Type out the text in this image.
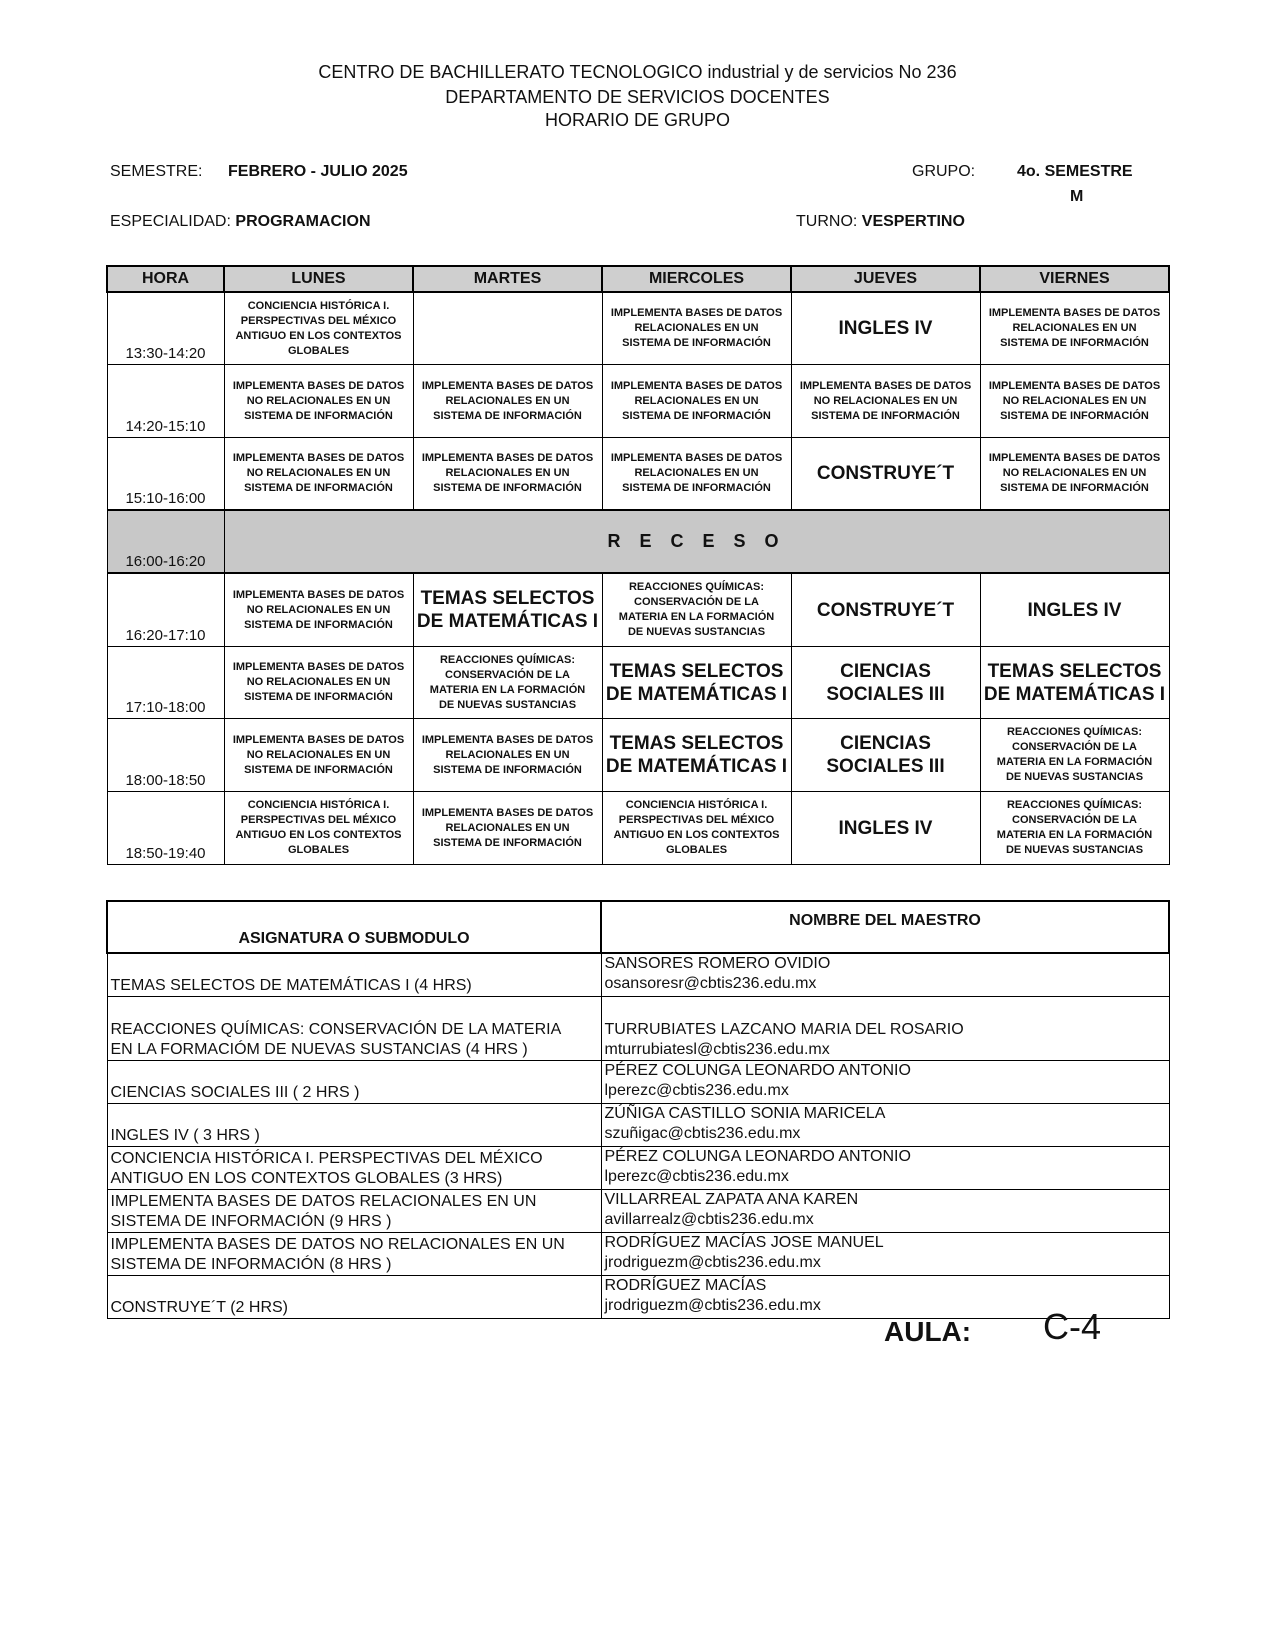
CENTRO DE BACHILLERATO TECNOLOGICO industrial y de servicios No 236
DEPARTAMENTO DE SERVICIOS DOCENTES
HORARIO DE GRUPO
SEMESTRE: FEBRERO - JULIO 2025	GRUPO:	4o. SEMESTRE
M
ESPECIALIDAD: PROGRAMACION	TURNO: VESPERTINO
HORA	LUNES	MARTES	MIERCOLES	JUEVES	VIERNES
13:30-14:20	CONCIENCIA HISTÓRICA I.
PERSPECTIVAS DEL MÉXICO
ANTIGUO EN LOS CONTEXTOS
GLOBALES		IMPLEMENTA BASES DE DATOS
RELACIONALES EN UN
SISTEMA DE INFORMACIÓN	INGLES IV	IMPLEMENTA BASES DE DATOS
RELACIONALES EN UN
SISTEMA DE INFORMACIÓN

14:20-15:10	IMPLEMENTA BASES DE DATOS
NO RELACIONALES EN UN
SISTEMA DE INFORMACIÓN	IMPLEMENTA BASES DE DATOS
RELACIONALES EN UN
SISTEMA DE INFORMACIÓN	IMPLEMENTA BASES DE DATOS
RELACIONALES EN UN
SISTEMA DE INFORMACIÓN	IMPLEMENTA BASES DE DATOS
NO RELACIONALES EN UN
SISTEMA DE INFORMACIÓN	IMPLEMENTA BASES DE DATOS
NO RELACIONALES EN UN
SISTEMA DE INFORMACIÓN

15:10-16:00	IMPLEMENTA BASES DE DATOS
NO RELACIONALES EN UN
SISTEMA DE INFORMACIÓN	IMPLEMENTA BASES DE DATOS
RELACIONALES EN UN
SISTEMA DE INFORMACIÓN	IMPLEMENTA BASES DE DATOS
RELACIONALES EN UN
SISTEMA DE INFORMACIÓN	CONSTRUYE´T	IMPLEMENTA BASES DE DATOS
NO RELACIONALES EN UN
SISTEMA DE INFORMACIÓN

16:00-16:20	R E C E S O				
16:20-17:10	IMPLEMENTA BASES DE DATOS
NO RELACIONALES EN UN
SISTEMA DE INFORMACIÓN	TEMAS SELECTOS
DE MATEMÁTICAS I	REACCIONES QUÍMICAS:
CONSERVACIÓN DE LA
MATERIA EN LA FORMACIÓN
DE NUEVAS SUSTANCIAS	CONSTRUYE´T	INGLES IV

17:10-18:00	IMPLEMENTA BASES DE DATOS
NO RELACIONALES EN UN
SISTEMA DE INFORMACIÓN	REACCIONES QUÍMICAS:
CONSERVACIÓN DE LA
MATERIA EN LA FORMACIÓN
DE NUEVAS SUSTANCIAS	TEMAS SELECTOS
DE MATEMÁTICAS I	CIENCIAS
SOCIALES III	TEMAS SELECTOS
DE MATEMÁTICAS I

18:00-18:50	IMPLEMENTA BASES DE DATOS
NO RELACIONALES EN UN
SISTEMA DE INFORMACIÓN	IMPLEMENTA BASES DE DATOS
RELACIONALES EN UN
SISTEMA DE INFORMACIÓN	TEMAS SELECTOS
DE MATEMÁTICAS I	CIENCIAS
SOCIALES III	REACCIONES QUÍMICAS:
CONSERVACIÓN DE LA
MATERIA EN LA FORMACIÓN
DE NUEVAS SUSTANCIAS

18:50-19:40	CONCIENCIA HISTÓRICA I.
PERSPECTIVAS DEL MÉXICO
ANTIGUO EN LOS CONTEXTOS
GLOBALES	IMPLEMENTA BASES DE DATOS
RELACIONALES EN UN
SISTEMA DE INFORMACIÓN	CONCIENCIA HISTÓRICA I.
PERSPECTIVAS DEL MÉXICO
ANTIGUO EN LOS CONTEXTOS
GLOBALES	INGLES IV	REACCIONES QUÍMICAS:
CONSERVACIÓN DE LA
MATERIA EN LA FORMACIÓN
DE NUEVAS SUSTANCIAS
ASIGNATURA O SUBMODULO	NOMBRE DEL MAESTRO

TEMAS SELECTOS DE MATEMÁTICAS I (4 HRS)	SANSORES ROMERO OVIDIO
osansoresr@cbtis236.edu.mx

REACCIONES QUÍMICAS: CONSERVACIÓN DE LA MATERIA
EN LA FORMACIÓM DE NUEVAS SUSTANCIAS (4 HRS )	TURRUBIATES LAZCANO MARIA DEL ROSARIO
mturrubiatesl@cbtis236.edu.mx

CIENCIAS SOCIALES III ( 2 HRS )	PÉREZ COLUNGA LEONARDO ANTONIO
lperezc@cbtis236.edu.mx

INGLES IV ( 3 HRS )	ZÚÑIGA CASTILLO SONIA MARICELA
szuñigac@cbtis236.edu.mx

CONCIENCIA HISTÓRICA I. PERSPECTIVAS DEL MÉXICO
ANTIGUO EN LOS CONTEXTOS GLOBALES (3 HRS)	PÉREZ COLUNGA LEONARDO ANTONIO
lperezc@cbtis236.edu.mx

IMPLEMENTA BASES DE DATOS RELACIONALES EN UN
SISTEMA DE INFORMACIÓN (9 HRS )	VILLARREAL ZAPATA ANA KAREN
avillarrealz@cbtis236.edu.mx

IMPLEMENTA BASES DE DATOS NO RELACIONALES EN UN
SISTEMA DE INFORMACIÓN (8 HRS )	RODRÍGUEZ MACÍAS JOSE MANUEL
jrodriguezm@cbtis236.edu.mx

CONSTRUYE´T (2 HRS)	RODRÍGUEZ MACÍAS
jrodriguezm@cbtis236.edu.mx
AULA: C-4
